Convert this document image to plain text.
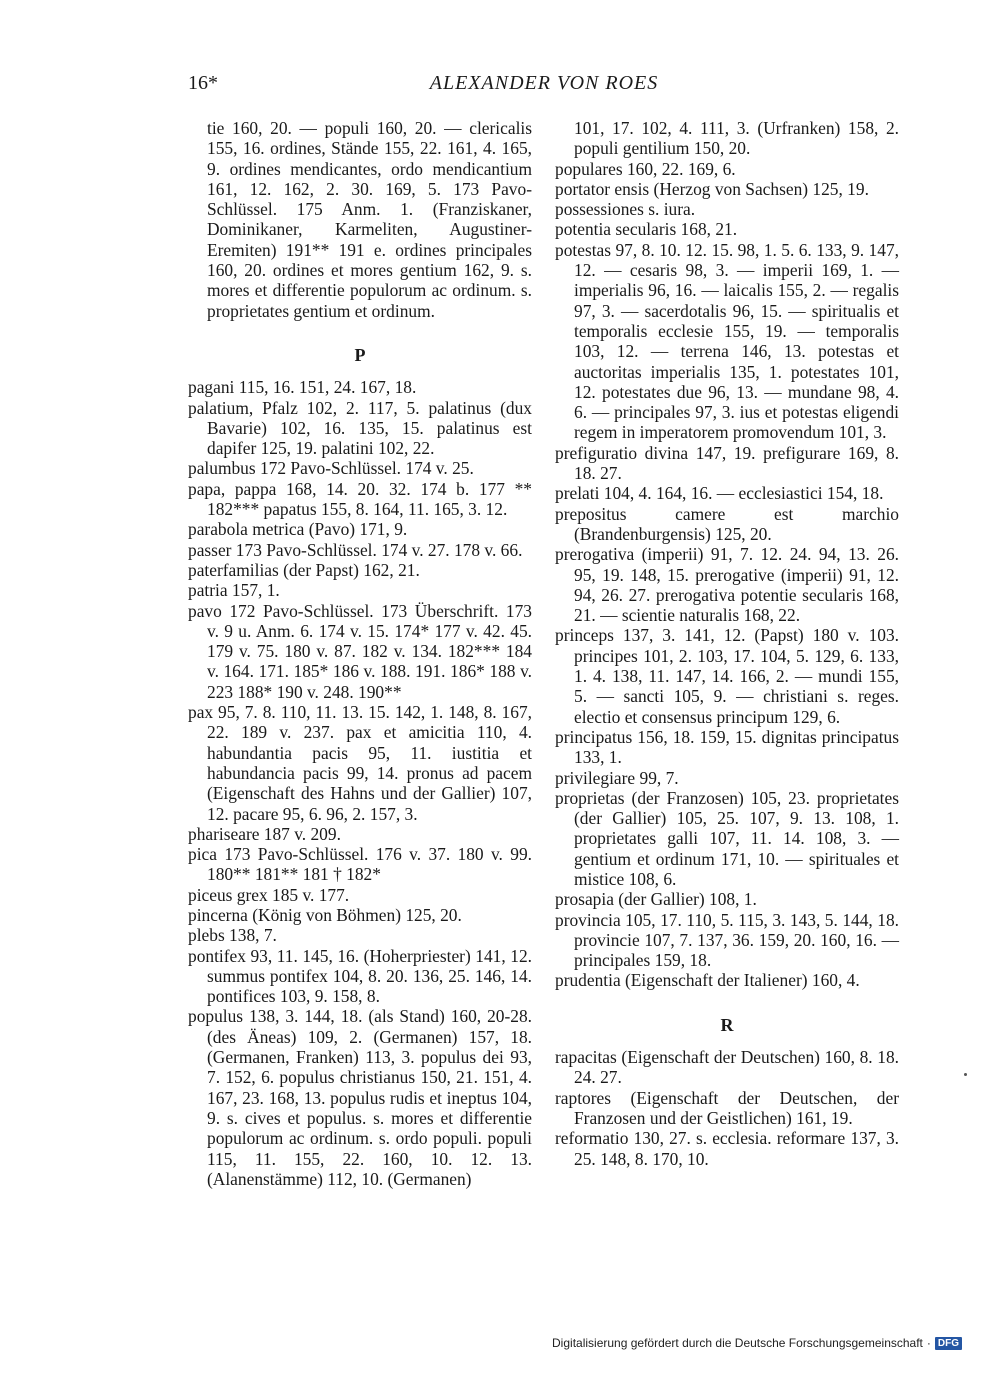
16*	ALEXANDER VON ROES

tie 160, 20. — populi 160, 20. — clericalis 155, 16. ordines, Stände 155, 22. 161, 4. 165, 9. ordines mendicantes, ordo mendicantium 161, 12. 162, 2. 30. 169, 5. 173 Pavo-Schlüssel. 175 Anm. 1. (Franziskaner, Dominikaner, Karmeliten, Augustiner-Eremiten) 191** 191 e. ordines principales 160, 20. ordines et mores gentium 162, 9. s. mores et differentie populorum ac ordinum. s. proprietates gentium et ordinum.

P

pagani 115, 16. 151, 24. 167, 18.

palatium, Pfalz 102, 2. 117, 5. palatinus (dux Bavarie) 102, 16. 135, 15. palatinus est dapifer 125, 19. palatini 102, 22.

palumbus 172 Pavo-Schlüssel. 174 v. 25.

papa, pappa 168, 14. 20. 32. 174 b. 177 ** 182*** papatus 155, 8. 164, 11. 165, 3. 12.

parabola metrica (Pavo) 171, 9.

passer 173 Pavo-Schlüssel. 174 v. 27. 178 v. 66.

paterfamilias (der Papst) 162, 21.

patria 157, 1.

pavo 172 Pavo-Schlüssel. 173 Überschrift. 173 v. 9 u. Anm. 6. 174 v. 15. 174* 177 v. 42. 45. 179 v. 75. 180 v. 87. 182 v. 134. 182*** 184 v. 164. 171. 185* 186 v. 188. 191. 186* 188 v. 223 188* 190 v. 248. 190**

pax 95, 7. 8. 110, 11. 13. 15. 142, 1. 148, 8. 167, 22. 189 v. 237. pax et amicitia 110, 4. habundantia pacis 95, 11. iustitia et habundancia pacis 99, 14. pronus ad pacem (Eigenschaft des Hahns und der Gallier) 107, 12. pacare 95, 6. 96, 2. 157, 3.

phariseare 187 v. 209.

pica 173 Pavo-Schlüssel. 176 v. 37. 180 v. 99. 180** 181** 181 † 182*

piceus grex 185 v. 177.

pincerna (König von Böhmen) 125, 20.

plebs 138, 7.

pontifex 93, 11. 145, 16. (Hoherpriester) 141, 12. summus pontifex 104, 8. 20. 136, 25. 146, 14. pontifices 103, 9. 158, 8.

populus 138, 3. 144, 18. (als Stand) 160, 20-28. (des Äneas) 109, 2. (Germanen) 157, 18. (Germanen, Franken) 113, 3. populus dei 93, 7. 152, 6. populus christianus 150, 21. 151, 4. 167, 23. 168, 13. populus rudis et ineptus 104, 9. s. cives et populus. s. mores et differentie populorum ac ordinum. s. ordo populi. populi 115, 11. 155, 22. 160, 10. 12. 13. (Alanenstämme) 112, 10. (Germanen)

101, 17. 102, 4. 111, 3. (Urfranken) 158, 2. populi gentilium 150, 20.

populares 160, 22. 169, 6.

portator ensis (Herzog von Sachsen) 125, 19.

possessiones s. iura.

potentia secularis 168, 21.

potestas 97, 8. 10. 12. 15. 98, 1. 5. 6. 133, 9. 147, 12. — cesaris 98, 3. — imperii 169, 1. — imperialis 96, 16. — laicalis 155, 2. — regalis 97, 3. — sacerdotalis 96, 15. — spiritualis et temporalis ecclesie 155, 19. — temporalis 103, 12. — terrena 146, 13. potestas et auctoritas imperialis 135, 1. potestates 101, 12. potestates due 96, 13. — mundane 98, 4. 6. — principales 97, 3. ius et potestas eligendi regem in imperatorem promovendum 101, 3.

prefiguratio divina 147, 19. prefigurare 169, 8. 18. 27.

prelati 104, 4. 164, 16. — ecclesiastici 154, 18.

prepositus camere est marchio (Brandenburgensis) 125, 20.

prerogativa (imperii) 91, 7. 12. 24. 94, 13. 26. 95, 19. 148, 15. prerogative (imperii) 91, 12. 94, 26. 27. prerogativa potentie secularis 168, 21. — scientie naturalis 168, 22.

princeps 137, 3. 141, 12. (Papst) 180 v. 103. principes 101, 2. 103, 17. 104, 5. 129, 6. 133, 1. 4. 138, 11. 147, 14. 166, 2. — mundi 155, 5. — sancti 105, 9. — christiani s. reges. electio et consensus principum 129, 6.

principatus 156, 18. 159, 15. dignitas principatus 133, 1.

privilegiare 99, 7.

proprietas (der Franzosen) 105, 23. proprietates (der Gallier) 105, 25. 107, 9. 13. 108, 1. proprietates galli 107, 11. 14. 108, 3. — gentium et ordinum 171, 10. — spirituales et mistice 108, 6.

prosapia (der Gallier) 108, 1.

provincia 105, 17. 110, 5. 115, 3. 143, 5. 144, 18. provincie 107, 7. 137, 36. 159, 20. 160, 16. — principales 159, 18.

prudentia (Eigenschaft der Italiener) 160, 4.

R

rapacitas (Eigenschaft der Deutschen) 160, 8. 18. 24. 27.

raptores (Eigenschaft der Deutschen, der Franzosen und der Geistlichen) 161, 19.

reformatio 130, 27. s. ecclesia. reformare 137, 3. 25. 148, 8. 170, 10.

Digitalisierung gefördert durch die Deutsche Forschungsgemeinschaft · DFG
